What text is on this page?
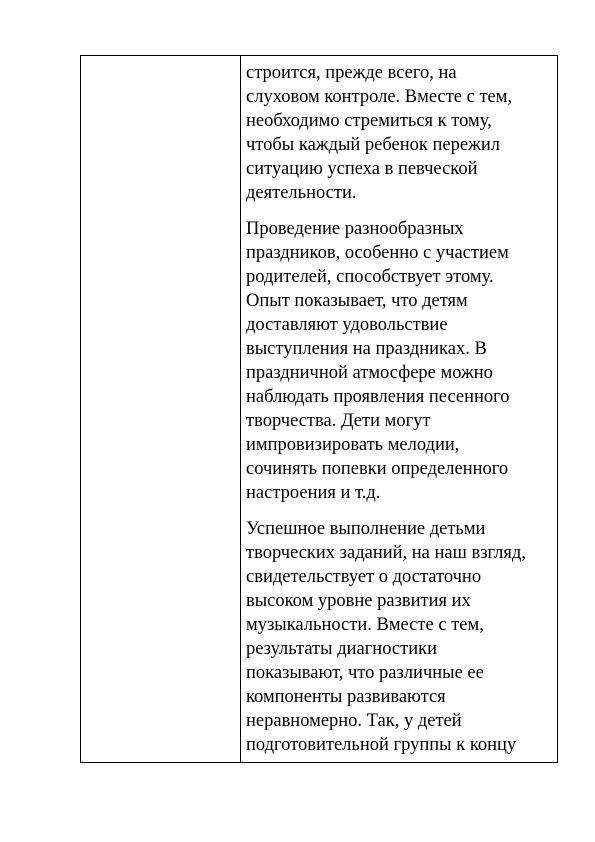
строится, прежде всего, на
слуховом контроле. Вместе с тем,
необходимо стремиться к тому,
чтобы каждый ребенок пережил
ситуацию успеха в певческой
деятельности.

Проведение разнообразных
праздников, особенно с участием
родителей, способствует этому.
Опыт показывает, что детям
доставляют удовольствие
выступления на праздниках. В
праздничной атмосфере можно
наблюдать проявления песенного
творчества. Дети могут
импровизировать мелодии,
сочинять попевки определенного
настроения и т.д.

Успешное выполнение детьми
творческих заданий, на наш взгляд,
свидетельствует о достаточно
высоком уровне развития их
музыкальности. Вместе с тем,
результаты диагностики
показывают, что различные ее
компоненты развиваются
неравномерно. Так, у детей
подготовительной группы к концу
